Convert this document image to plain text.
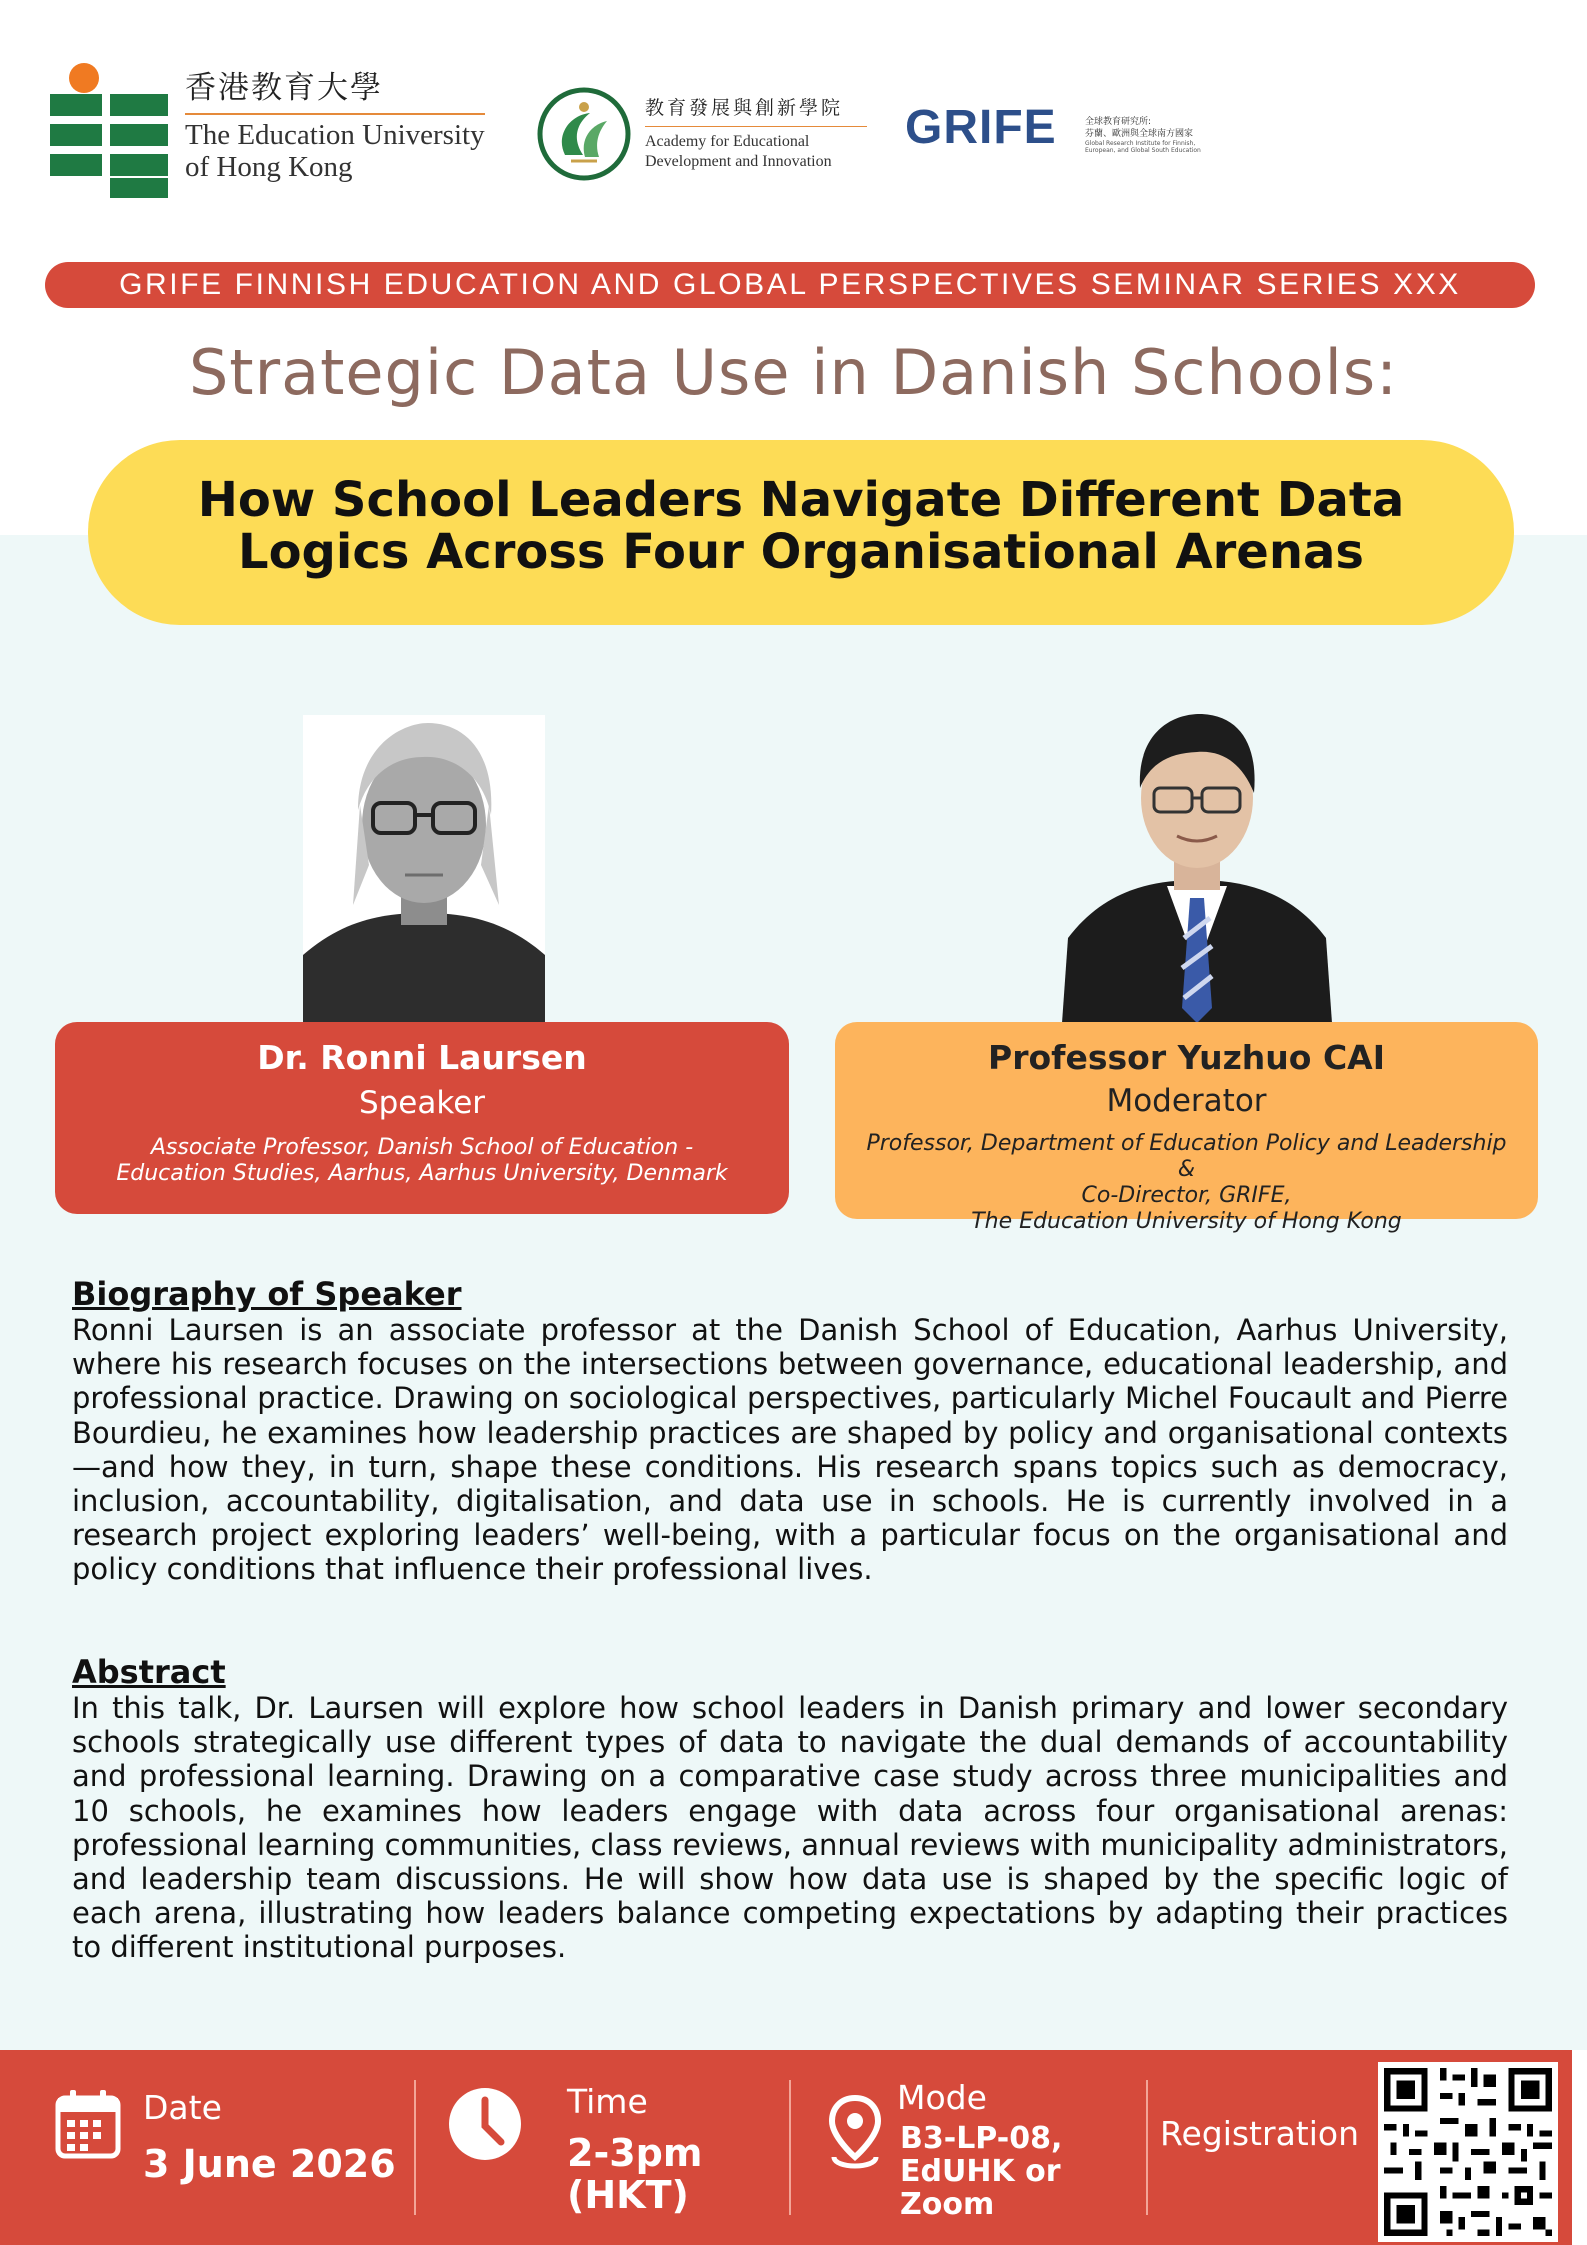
香港教育大學
The Education University
of Hong Kong
教育發展與創新學院
Academy for Educational
Development and Innovation
GRIFE	全球教育研究所:
芬蘭、歐洲與全球南方國家
Global Research Institute for Finnish, European, and Global South Education
GRIFE FINNISH EDUCATION AND GLOBAL PERSPECTIVES SEMINAR SERIES XXX
Strategic Data Use in Danish Schools:
How School Leaders Navigate Different Data
Logics Across Four Organisational Arenas
Dr. Ronni Laursen
Speaker
Associate Professor, Danish School of Education -
Education Studies, Aarhus, Aarhus University, Denmark
Professor Yuzhuo CAI
Moderator
Professor, Department of Education Policy and Leadership &
Co-Director, GRIFE,
The Education University of Hong Kong
Biography of Speaker
Ronni Laursen is an associate professor at the Danish School of Education, Aarhus University, where his research focuses on the intersections between governance, educational leadership, and professional practice. Drawing on sociological perspectives, particularly Michel Foucault and Pierre Bourdieu, he examines how leadership practices are shaped by policy and organisational contexts—and how they, in turn, shape these conditions. His research spans topics such as democracy, inclusion, accountability, digitalisation, and data use in schools. He is currently involved in a research project exploring leaders’ well-being, with a particular focus on the organisational and policy conditions that influence their professional lives.
Abstract
In this talk, Dr. Laursen will explore how school leaders in Danish primary and lower secondary schools strategically use different types of data to navigate the dual demands of accountability and professional learning. Drawing on a comparative case study across three municipalities and 10 schools, he examines how leaders engage with data across four organisational arenas: professional learning communities, class reviews, annual reviews with municipality administrators, and leadership team discussions. He will show how data use is shaped by the specific logic of each arena, illustrating how leaders balance competing expectations by adapting their practices to different institutional purposes.
Date
3 June 2026
Time
2-3pm
(HKT)
Mode
B3-LP-08,
EdUHK or
Zoom
Registration
